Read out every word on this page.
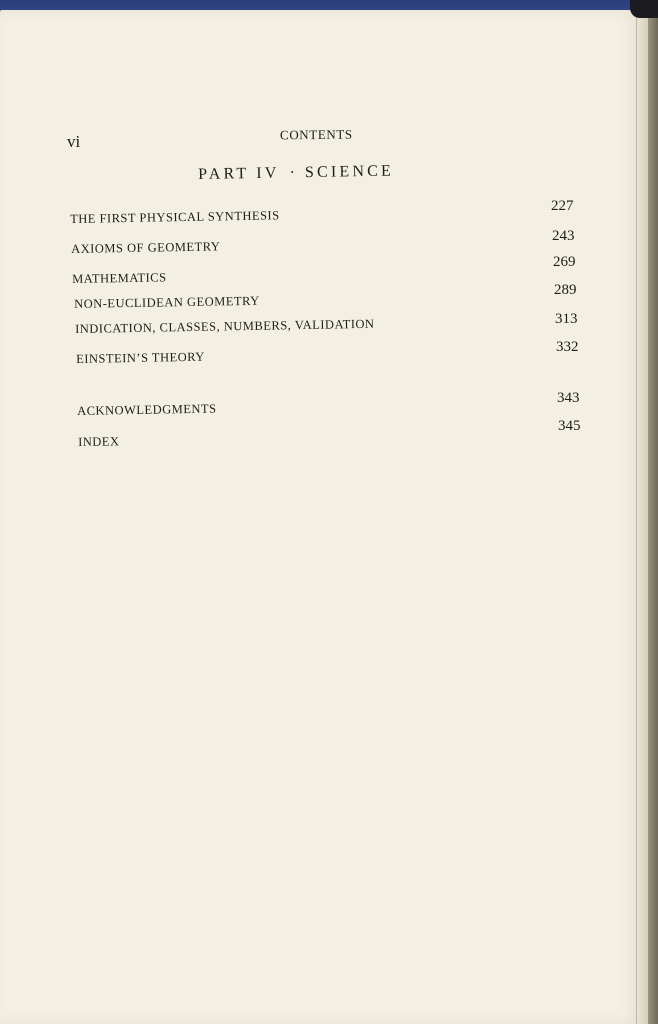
vi	CONTENTS
PART IV · SCIENCE
THE FIRST PHYSICAL SYNTHESIS
227
AXIOMS OF GEOMETRY
243
MATHEMATICS
269
NON-EUCLIDEAN GEOMETRY
289
INDICATION, CLASSES, NUMBERS, VALIDATION	313
EINSTEIN’S THEORY
332
ACKNOWLEDGMENTS
343
INDEX
345
